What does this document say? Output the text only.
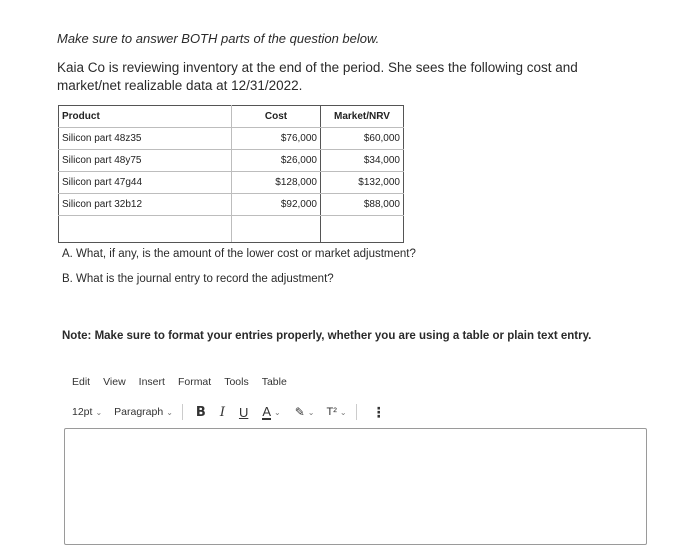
Make sure to answer BOTH parts of the question below.
Kaia Co is reviewing inventory at the end of the period. She sees the following cost and market/net realizable data at 12/31/2022.
Product	Cost	Market/NRV
Silicon part 48z35	$76,000	$60,000
Silicon part 48y75	$26,000	$34,000
Silicon part 47g44	$128,000	$132,000
Silicon part 32b12	$92,000	$88,000

A. What, if any, is the amount of the lower cost or market adjustment?
B. What is the journal entry to record the adjustment?
Note: Make sure to format your entries properly, whether you are using a table or plain text entry.
Edit View Insert Format Tools Table
12pt ⌄ Paragraph ⌄ B I U A ⌄ ✎ ⌄ T² ⌄ ⋮
